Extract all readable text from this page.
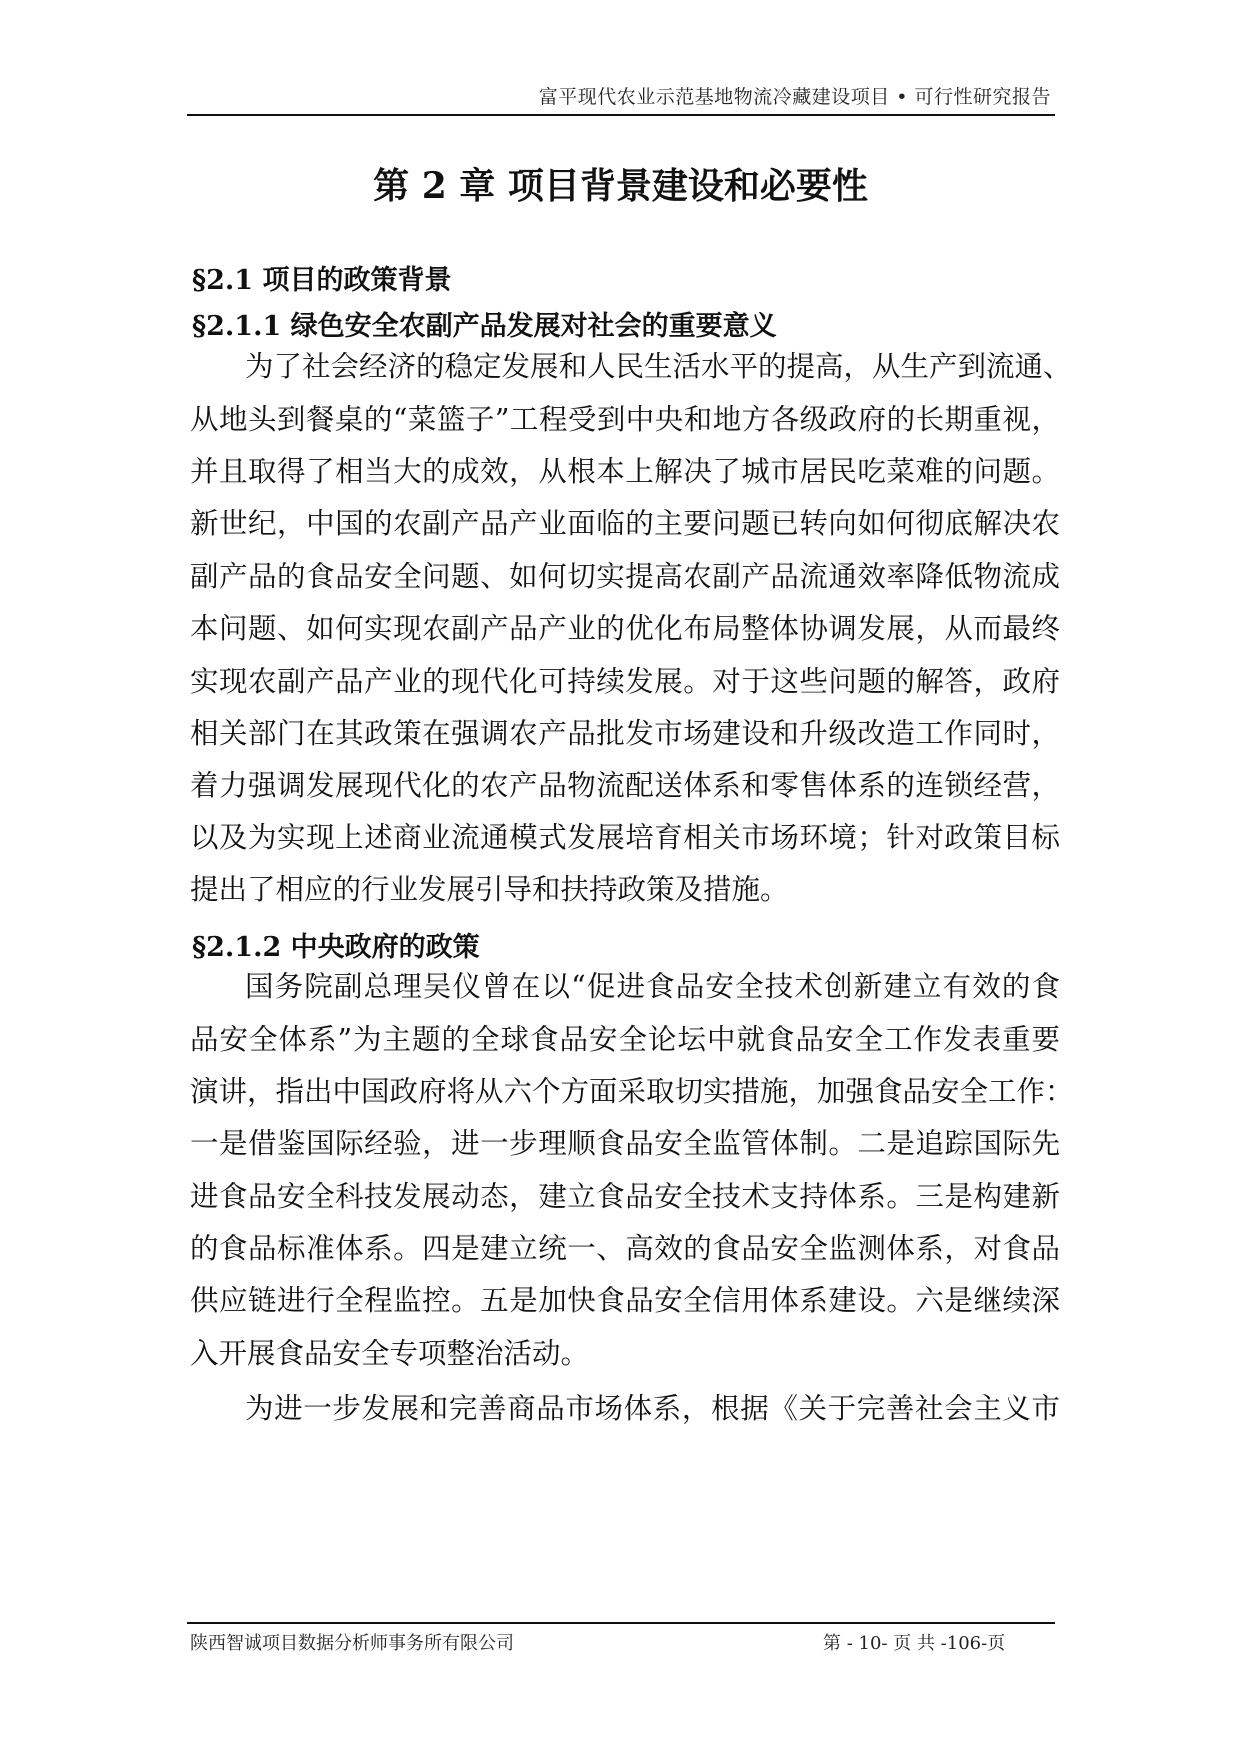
富平现代农业示范基地物流冷藏建设项目 • 可行性研究报告
第 2 章 项目背景建设和必要性
§2.1 项目的政策背景
§2.1.1 绿色安全农副产品发展对社会的重要意义
为了社会经济的稳定发展和人民生活水平的提高，从生产到流通、
从地头到餐桌的“菜篮子”工程受到中央和地方各级政府的长期重视，
并且取得了相当大的成效，从根本上解决了城市居民吃菜难的问题。
新世纪，中国的农副产品产业面临的主要问题已转向如何彻底解决农
副产品的食品安全问题、如何切实提高农副产品流通效率降低物流成
本问题、如何实现农副产品产业的优化布局整体协调发展，从而最终
实现农副产品产业的现代化可持续发展。对于这些问题的解答，政府
相关部门在其政策在强调农产品批发市场建设和升级改造工作同时，
着力强调发展现代化的农产品物流配送体系和零售体系的连锁经营，
以及为实现上述商业流通模式发展培育相关市场环境；针对政策目标
提出了相应的行业发展引导和扶持政策及措施。
§2.1.2 中央政府的政策
国务院副总理吴仪曾在以“促进食品安全技术创新建立有效的食
品安全体系”为主题的全球食品安全论坛中就食品安全工作发表重要
演讲，指出中国政府将从六个方面采取切实措施，加强食品安全工作：
一是借鉴国际经验，进一步理顺食品安全监管体制。二是追踪国际先
进食品安全科技发展动态，建立食品安全技术支持体系。三是构建新
的食品标准体系。四是建立统一、高效的食品安全监测体系，对食品
供应链进行全程监控。五是加快食品安全信用体系建设。六是继续深
入开展食品安全专项整治活动。
为进一步发展和完善商品市场体系，根据《关于完善社会主义市
陕西智诚项目数据分析师事务所有限公司	第 - 10- 页 共 -106-页
